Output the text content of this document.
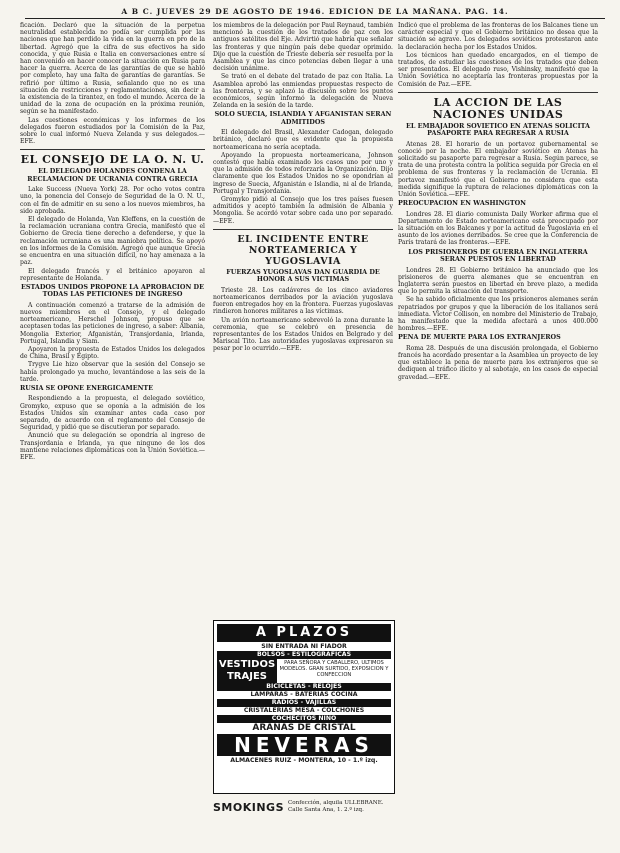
A B C. JUEVES 29 DE AGOSTO DE 1946. EDICION DE LA MAÑANA. PAG. 14.

ficación. Declaró que la situación de la perpetua neutralidad establecida no podía ser cumplida por las naciones que han perdido la vida en la guerra en pro de la libertad. Agregó que la cifra de sus efectivos ha sido conocida, y que Rusia e Italia en conversaciones entre sí han convenido en hacer conocer la situación en Rusia para hacer la guerra. Acerca de las garantías de que se habló por completo, hay una falta de garantías de garantías. Se refirió por último a Rusia, señalando que no es una situación de restricciones y reglamentaciones, sin decir a la existencia de la tirantez, en todo el mundo. Acerca de la unidad de la zona de ocupación en la próxima reunión, según se ha manifestado.

Las cuestiones económicas y los informes de los delegados fueron estudiados por la Comisión de la Paz, sobre lo cual informó Nueva Zelanda y sus delegados.—EFE.

EL CONSEJO DE LA O. N. U.
EL DELEGADO HOLANDES CONDENA LA RECLAMACION DE UCRANIA CONTRA GRECIA

Lake Success (Nueva York) 28. Por ocho votos contra uno, la ponencia del Consejo de Seguridad de la O. N. U., con el fin de admitir en su seno a los nuevos miembros, ha sido aprobada.

El delegado de Holanda, Van Kleffens, en la cuestión de la reclamación ucraniana contra Grecia, manifestó que el Gobierno de Grecia tiene derecho a defenderse, y que la reclamación ucraniana es una maniobra política. Se apoyó en los informes de la Comisión. Agregó que aunque Grecia se encuentra en una situación difícil, no hay amenaza a la paz.

El delegado francés y el británico apoyaron al representante de Holanda.

ESTADOS UNIDOS PROPONE LA APROBACION DE TODAS LAS PETICIONES DE INGRESO

A continuación comenzó a tratarse de la admisión de nuevos miembros en el Consejo, y el delegado norteamericano, Herschel Johnson, propuso que se aceptasen todas las peticiones de ingreso, a saber: Albania, Mongolia Exterior, Afganistán, Transjordania, Irlanda, Portugal, Islandia y Siam.

Apoyaron la propuesta de Estados Unidos los delegados de China, Brasil y Egipto.

Trygve Lie hizo observar que la sesión del Consejo se había prolongado ya mucho, levantándose a las seis de la tarde.

RUSIA SE OPONE ENERGICAMENTE

Respondiendo a la propuesta, el delegado soviético, Gromyko, expuso que se oponía a la admisión de los Estados Unidos sin examinar antes cada caso por separado, de acuerdo con el reglamento del Consejo de Seguridad, y pidió que se discutieran por separado.

Anunció que su delegación se opondría al ingreso de Transjordania e Irlanda, ya que ninguno de los dos mantiene relaciones diplomáticas con la Unión Soviética.—EFE.

los miembros de la delegación por Paul Reynaud, también mencionó la cuestión de los tratados de paz con los antiguos satélites del Eje. Advirtió que habría que señalar las fronteras y que ningún país debe quedar oprimido. Dijo que la cuestión de Trieste debería ser resuelta por la Asamblea y que las cinco potencias deben llegar a una decisión unánime.

Se trató en el debate del tratado de paz con Italia. La Asamblea aprobó las enmiendas propuestas respecto de las fronteras, y se aplazó la discusión sobre los puntos económicos, según informó la delegación de Nueva Zelanda en la sesión de la tarde.

SOLO SUECIA, ISLANDIA Y AFGANISTAN SERAN ADMITIDOS

El delegado del Brasil, Alexander Cadogan, delegado británico, declaró que es evidente que la propuesta norteamericana no sería aceptada.

Apoyando la propuesta norteamericana, Johnson contestó que había examinado los casos uno por uno y que la admisión de todos reforzaría la Organización. Dijo claramente que los Estados Unidos no se opondrían al ingreso de Suecia, Afganistán e Islandia, ni al de Irlanda, Portugal y Transjordania.

Gromyko pidió al Consejo que los tres países fuesen admitidos y aceptó también la admisión de Albania y Mongolia. Se acordó votar sobre cada uno por separado.—EFE.

EL INCIDENTE ENTRE NORTEAMERICA Y YUGOSLAVIA
FUERZAS YUGOSLAVAS DAN GUARDIA DE HONOR A SUS VICTIMAS

Trieste 28. Los cadáveres de los cinco aviadores norteamericanos derribados por la aviación yugoslava fueron entregados hoy en la frontera. Fuerzas yugoslavas rindieron honores militares a las víctimas.

Un avión norteamericano sobrevoló la zona durante la ceremonia, que se celebró en presencia de representantes de los Estados Unidos en Belgrado y del Mariscal Tito. Las autoridades yugoslavas expresaron su pesar por lo ocurrido.—EFE.

A PLAZOS
SIN ENTRADA NI FIADOR
BOLSOS - ESTILOGRAFICAS
VESTIDOS
TRAJES
PARA SEÑORA Y CABALLERO, ULTIMOS MODELOS. GRAN SURTIDO, EXPOSICION Y CONFECCION
BICICLETAS - RELOJES
LAMPARAS - BATERIAS COCINA
RADIOS - VAJILLAS
CRISTALERIAS MESA - COLCHONES
COCHECITOS NIÑO
ARAÑAS DE CRISTAL
NEVERAS
ALMACENES RUIZ - MONTERA, 10 - 1.º izq.
SMOKINGS Confección, alquila ULLEBRANE. Calle Santa Ana, 1. 2.º izq.

Indicó que el problema de las fronteras de los Balcanes tiene un carácter especial y que el Gobierno británico no desea que la situación se agrave. Los delegados soviéticos protestaron ante la declaración hecha por los Estados Unidos.

Los técnicos han quedado encargados, en el tiempo de tratados, de estudiar las cuestiones de los tratados que deben ser presentados. El delegado ruso, Vishinsky, manifestó que la Unión Soviética no aceptaría las fronteras propuestas por la Comisión de Paz.—EFE.

LA ACCION DE LAS NACIONES UNIDAS
EL EMBAJADOR SOVIETICO EN ATENAS SOLICITA PASAPORTE PARA REGRESAR A RUSIA

Atenas 28. El horario de un portavoz gubernamental se conoció por la noche. El embajador soviético en Atenas ha solicitado su pasaporte para regresar a Rusia. Según parece, se trata de una protesta contra la política seguida por Grecia en el problema de sus fronteras y la reclamación de Ucrania. El portavoz manifestó que el Gobierno no considera que esta medida signifique la ruptura de relaciones diplomáticas con la Unión Soviética.—EFE.

PREOCUPACION EN WASHINGTON

Londres 28. El diario comunista Daily Worker afirma que el Departamento de Estado norteamericano está preocupado por la situación en los Balcanes y por la actitud de Yugoslavia en el asunto de los aviones derribados. Se cree que la Conferencia de París tratará de las fronteras.—EFE.

LOS PRISIONEROS DE GUERRA EN INGLATERRA SERAN PUESTOS EN LIBERTAD

Londres 28. El Gobierno británico ha anunciado que los prisioneros de guerra alemanes que se encuentran en Inglaterra serán puestos en libertad en breve plazo, a medida que lo permita la situación del transporte.

Se ha sabido oficialmente que los prisioneros alemanes serán repatriados por grupos y que la liberación de los italianos será inmediata. Víctor Collison, en nombre del Ministerio de Trabajo, ha manifestado que la medida afectará a unos 400.000 hombres.—EFE.

PENA DE MUERTE PARA LOS EXTRANJEROS

Roma 28. Después de una discusión prolongada, el Gobierno francés ha acordado presentar a la Asamblea un proyecto de ley que establece la pena de muerte para los extranjeros que se dediquen al tráfico ilícito y al sabotaje, en los casos de especial gravedad.—EFE.
